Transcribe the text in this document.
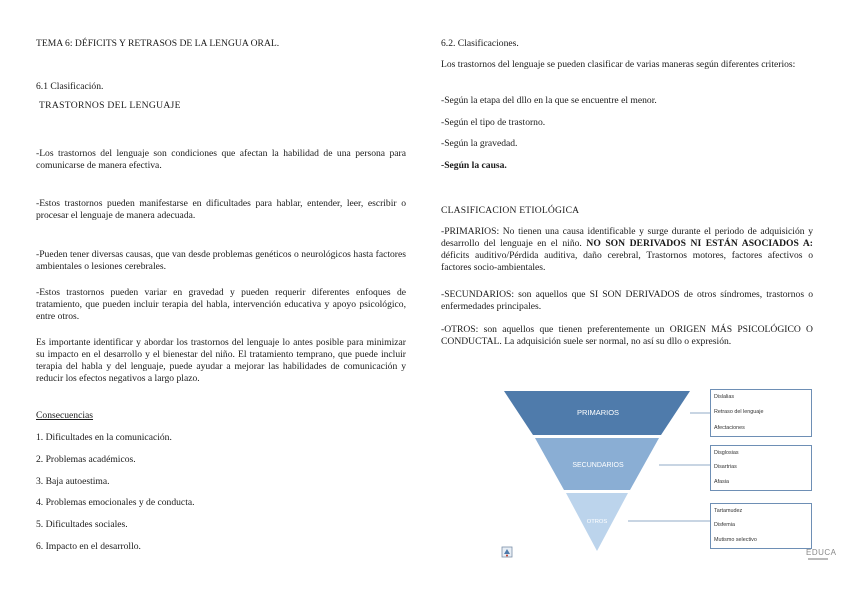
TEMA 6: DÉFICITS Y RETRASOS DE LA LENGUA ORAL.

6.1 Clasificación.

TRASTORNOS DEL LENGUAJE

-Los trastornos del lenguaje son condiciones que afectan la habilidad de una persona para comunicarse de manera efectiva.

-Estos trastornos pueden manifestarse en dificultades para hablar, entender, leer, escribir o procesar el lenguaje de manera adecuada.

-Pueden tener diversas causas, que van desde problemas genéticos o neurológicos hasta factores ambientales o lesiones cerebrales.

-Estos trastornos pueden variar en gravedad y pueden requerir diferentes enfoques de tratamiento, que pueden incluir terapia del habla, intervención educativa y apoyo psicológico, entre otros.

Es importante identificar y abordar los trastornos del lenguaje lo antes posible para minimizar su impacto en el desarrollo y el bienestar del niño. El tratamiento temprano, que puede incluir terapia del habla y del lenguaje, puede ayudar a mejorar las habilidades de comunicación y reducir los efectos negativos a largo plazo.

Consecuencias

1. Dificultades en la comunicación.

2. Problemas académicos.

3. Baja autoestima.

4. Problemas emocionales y de conducta.

5. Dificultades sociales.

6. Impacto en el desarrollo.

6.2. Clasificaciones.

Los trastornos del lenguaje se pueden clasificar de varias maneras según diferentes criterios:

-Según la etapa del dllo en la que se encuentre el menor.

-Según el tipo de trastorno.

-Según la gravedad.

-Según la causa.

CLASIFICACION ETIOLÓGICA

-PRIMARIOS: No tienen una causa identificable y surge durante el periodo de adquisición y desarrollo del lenguaje en el niño. NO SON DERIVADOS NI ESTÁN ASOCIADOS A: déficits auditivo/Pérdida auditiva, daño cerebral, Trastornos motores, factores afectivos o factores socio-ambientales.

-SECUNDARIOS: son aquellos que SI SON DERIVADOS de otros síndromes, trastornos o enfermedades principales.

-OTROS: son aquellos que tienen preferentemente un ORIGEN MÁS PSICOLÓGICO O CONDUCTAL. La adquisición suele ser normal, no así su dllo o expresión.

PRIMARIOS
SECUNDARIOS
OTROS
Dislalias
Retraso del lenguaje
Afectaciones
Disglosias
Disartrias
Afasia
Tartamudez
Disfemia
Mutismo selectivo
EDUCA
